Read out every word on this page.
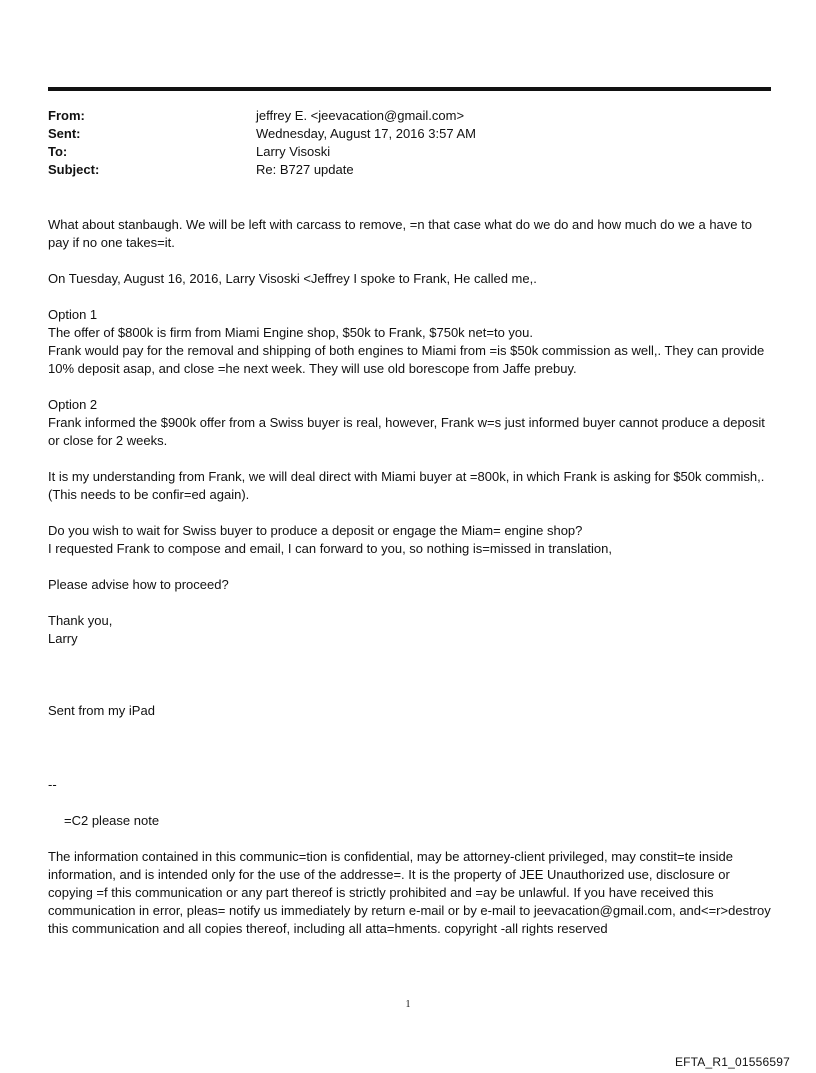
From:	jeffrey E. <jeevacation@gmail.com>
Sent:	Wednesday, August 17, 2016 3:57 AM
To:	Larry Visoski
Subject:	Re: B727 update

What about stanbaugh. We will be left with carcass to remove, =n that case what do we do and how much do we a have to pay if no one takes=it.

On Tuesday, August 16, 2016, Larry Visoski <Jeffrey I spoke to Frank, He called me,.

Option 1

The offer of $800k is firm from Miami Engine shop, $50k to Frank, $750k net=to you.

Frank would pay for the removal and shipping of both engines to Miami from =is $50k commission as well,. They can provide 10% deposit asap, and close =he next week. They will use old borescope from Jaffe prebuy.

Option 2

Frank informed the $900k offer from a Swiss buyer is real, however, Frank w=s just informed buyer cannot produce a deposit or close for 2 weeks.

It is my understanding from Frank, we will deal direct with Miami buyer at =800k, in which Frank is asking for $50k commish,. (This needs to be confir=ed again).

Do you wish to wait for Swiss buyer to produce a deposit or engage the Miam= engine shop?

I requested Frank to compose and email, I can forward to you, so nothing is=missed in translation,

Please advise how to proceed?

Thank you,

Larry

Sent from my iPad

--

=C2 please note

The information contained in this communic=tion is confidential, may be attorney-client privileged, may constit=te inside information, and is intended only for the use of the addresse=. It is the property of JEE Unauthorized use, disclosure or copying =f this communication or any part thereof is strictly prohibited and =ay be unlawful. If you have received this communication in error, pleas= notify us immediately by return e-mail or by e-mail to jeevacation@gmail.com, and<=r>destroy this communication and all copies thereof, including all atta=hments. copyright -all rights reserved

1
EFTA_R1_01556597
